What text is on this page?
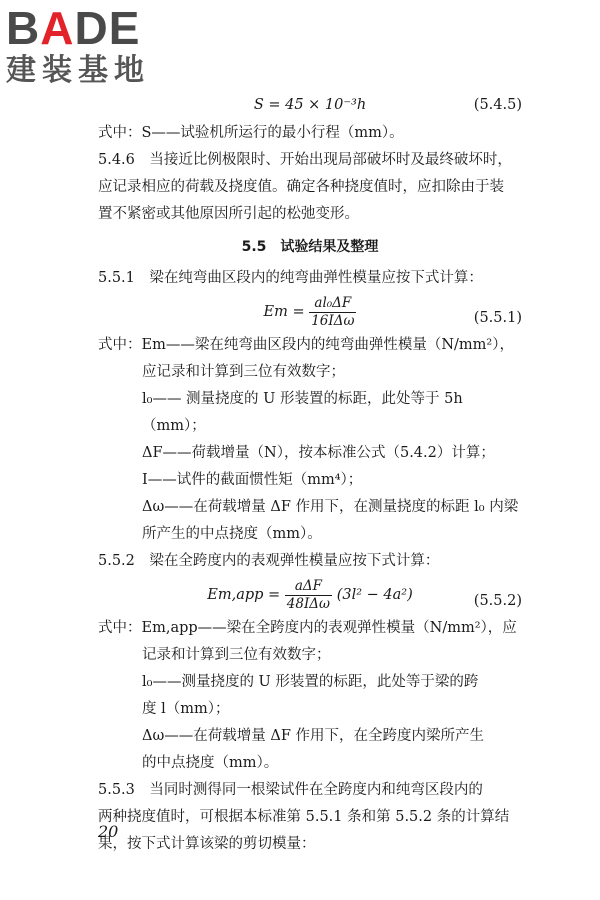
BADE
建装基地
S = 45 × 10⁻³h	(5.4.5)
式中：S——试验机所运行的最小行程（mm）。
5.4.6　当接近比例极限时、开始出现局部破坏时及最终破坏时，
应记录相应的荷载及挠度值。确定各种挠度值时，应扣除由于装
置不紧密或其他原因所引起的松弛变形。
5.5　试验结果及整理
5.5.1　梁在纯弯曲区段内的纯弯曲弹性模量应按下式计算：
$Em = \frac{\text{al₀ΔF}}{\text{16IΔω}}$	(5.5.1)
式中：Em——梁在纯弯曲区段内的纯弯曲弹性模量（N/mm²），
应记录和计算到三位有效数字；
l₀—— 测量挠度的 U 形装置的标距，此处等于 5h
（mm）；
ΔF——荷载增量（N），按本标准公式（5.4.2）计算；
I——试件的截面惯性矩（mm⁴）；
Δω——在荷载增量 ΔF 作用下，在测量挠度的标距 l₀ 内梁
所产生的中点挠度（mm）。
5.5.2　梁在全跨度内的表观弹性模量应按下式计算：
$Em,app = \frac{\text{aΔF}}{\text{48IΔω}} (3l^2 - 4a^2)$	(5.5.2)
式中：Em,app——梁在全跨度内的表观弹性模量（N/mm²），应
记录和计算到三位有效数字；
l₀——测量挠度的 U 形装置的标距，此处等于梁的跨
度 l（mm）；
Δω——在荷载增量 ΔF 作用下，在全跨度内梁所产生
的中点挠度（mm）。
5.5.3　当同时测得同一根梁试件在全跨度内和纯弯区段内的
两种挠度值时，可根据本标准第 5.5.1 条和第 5.5.2 条的计算结
果，按下式计算该梁的剪切模量：
20
